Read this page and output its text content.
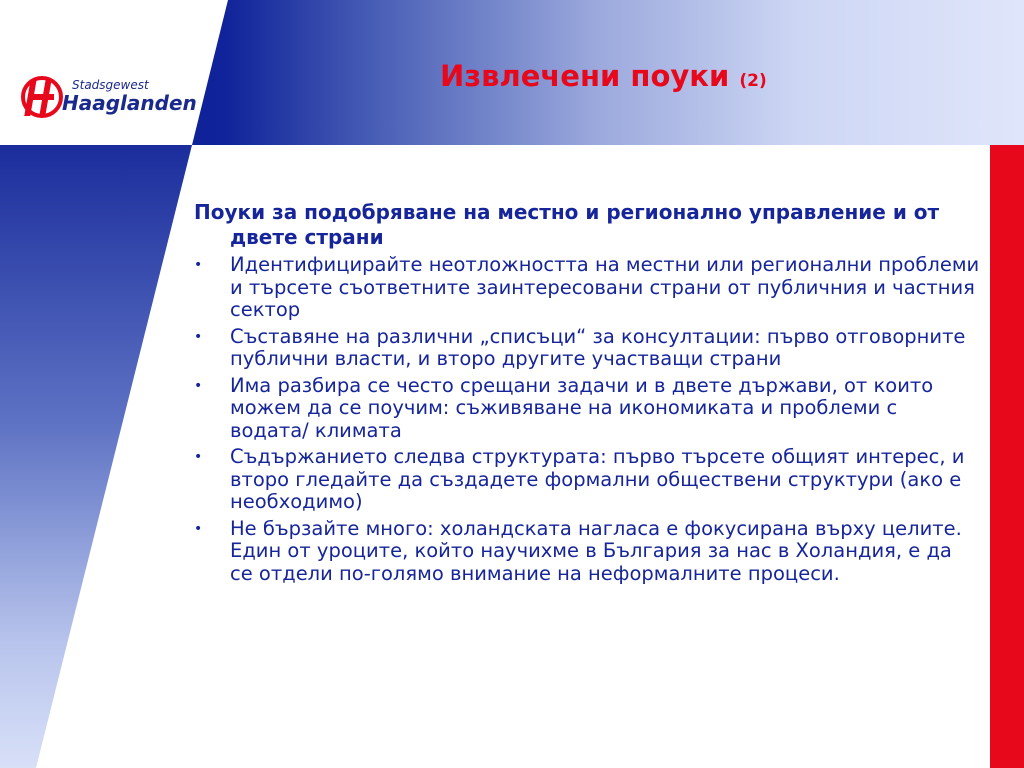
Stadsgewest
Haaglanden
Извлечени поуки (2)

Поуки за подобряване на местно и регионално управление и от двете страни

•	Идентифицирайте неотложността на местни или регионални проблеми и търсете съответните заинтересовани страни от публичния и частния сектор
•	Съставяне на различни „списъци“ за консултации: първо отговорните публични власти, и второ другите участващи страни
•	Има разбира се често срещани задачи и в двете държави, от които можем да се поучим: съживяване на икономиката и проблеми с водата/ климата
•	Съдържанието следва структурата: първо търсете общият интерес, и второ гледайте да създадете формални обществени структури (ако е необходимо)
•	Не бързайте много: холандската нагласа е фокусирана върху целите. Един от уроците, който научихме в България за нас в Холандия, е да се отдели по-голямо внимание на неформалните процеси.
